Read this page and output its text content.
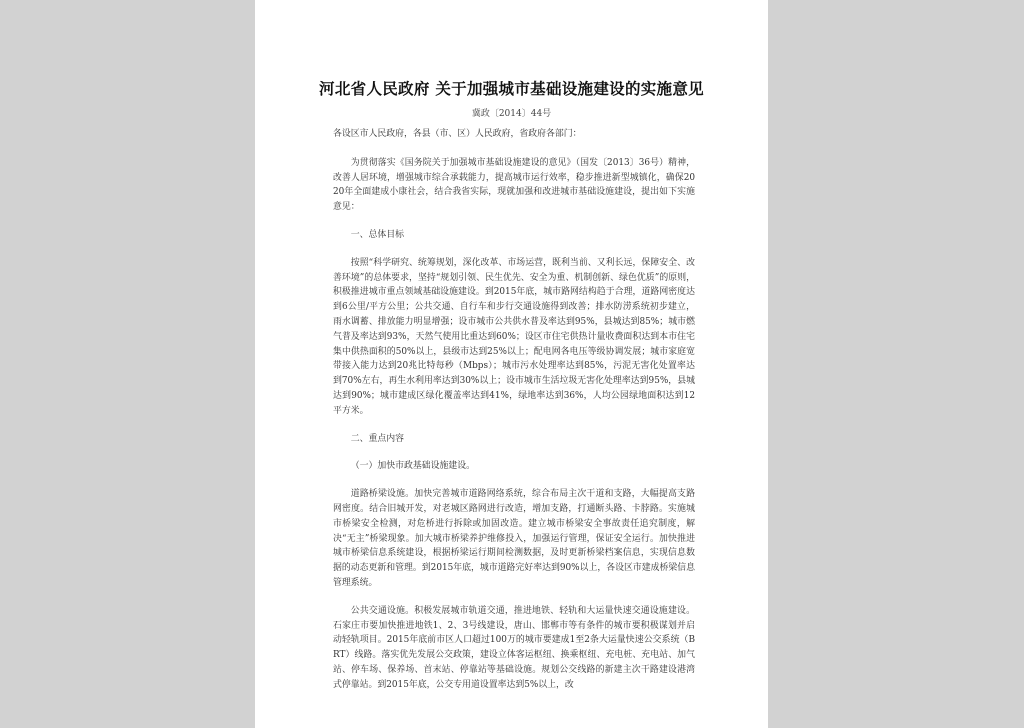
河北省人民政府 关于加强城市基础设施建设的实施意见
冀政〔2014〕44号

各设区市人民政府，各县（市、区）人民政府，省政府各部门：

为贯彻落实《国务院关于加强城市基础设施建设的意见》（国发〔2013〕36号）精神，改善人居环境，增强城市综合承载能力，提高城市运行效率，稳步推进新型城镇化，确保2020年全面建成小康社会，结合我省实际，现就加强和改进城市基础设施建设，提出如下实施意见：

一、总体目标

按照“科学研究、统筹规划，深化改革、市场运营，既利当前、又利长远，保障安全、改善环境”的总体要求，坚持“规划引领、民生优先、安全为重、机制创新、绿色优质”的原则，积极推进城市重点领域基础设施建设。到2015年底，城市路网结构趋于合理，道路网密度达到6公里/平方公里；公共交通、自行车和步行交通设施得到改善；排水防涝系统初步建立，雨水调蓄、排放能力明显增强；设市城市公共供水普及率达到95%，县城达到85%；城市燃气普及率达到93%，天然气使用比重达到60%；设区市住宅供热计量收费面积达到本市住宅集中供热面积的50%以上，县级市达到25%以上；配电网各电压等级协调发展；城市家庭宽带接入能力达到20兆比特每秒（Mbps）；城市污水处理率达到85%，污泥无害化处置率达到70%左右，再生水利用率达到30%以上；设市城市生活垃圾无害化处理率达到95%，县城达到90%；城市建成区绿化覆盖率达到41%，绿地率达到36%，人均公园绿地面积达到12平方米。

二、重点内容

（一）加快市政基础设施建设。

道路桥梁设施。加快完善城市道路网络系统，综合布局主次干道和支路，大幅提高支路网密度。结合旧城开发，对老城区路网进行改造，增加支路，打通断头路、卡脖路。实施城市桥梁安全检测，对危桥进行拆除或加固改造。建立城市桥梁安全事故责任追究制度，解决“无主”桥梁现象。加大城市桥梁养护维修投入，加强运行管理，保证安全运行。加快推进城市桥梁信息系统建设，根据桥梁运行期间检测数据，及时更新桥梁档案信息，实现信息数据的动态更新和管理。到2015年底，城市道路完好率达到90%以上，各设区市建成桥梁信息管理系统。

公共交通设施。积极发展城市轨道交通，推进地铁、轻轨和大运量快速交通设施建设。石家庄市要加快推进地铁1、2、3号线建设，唐山、邯郸市等有条件的城市要积极谋划并启动轻轨项目。2015年底前市区人口超过100万的城市要建成1至2条大运量快速公交系统（BRT）线路。落实优先发展公交政策，建设立体客运枢纽、换乘枢纽、充电桩、充电站、加气站、停车场、保养场、首末站、停靠站等基础设施。规划公交线路的新建主次干路建设港湾式停靠站。到2015年底，公交专用道设置率达到5%以上，改
